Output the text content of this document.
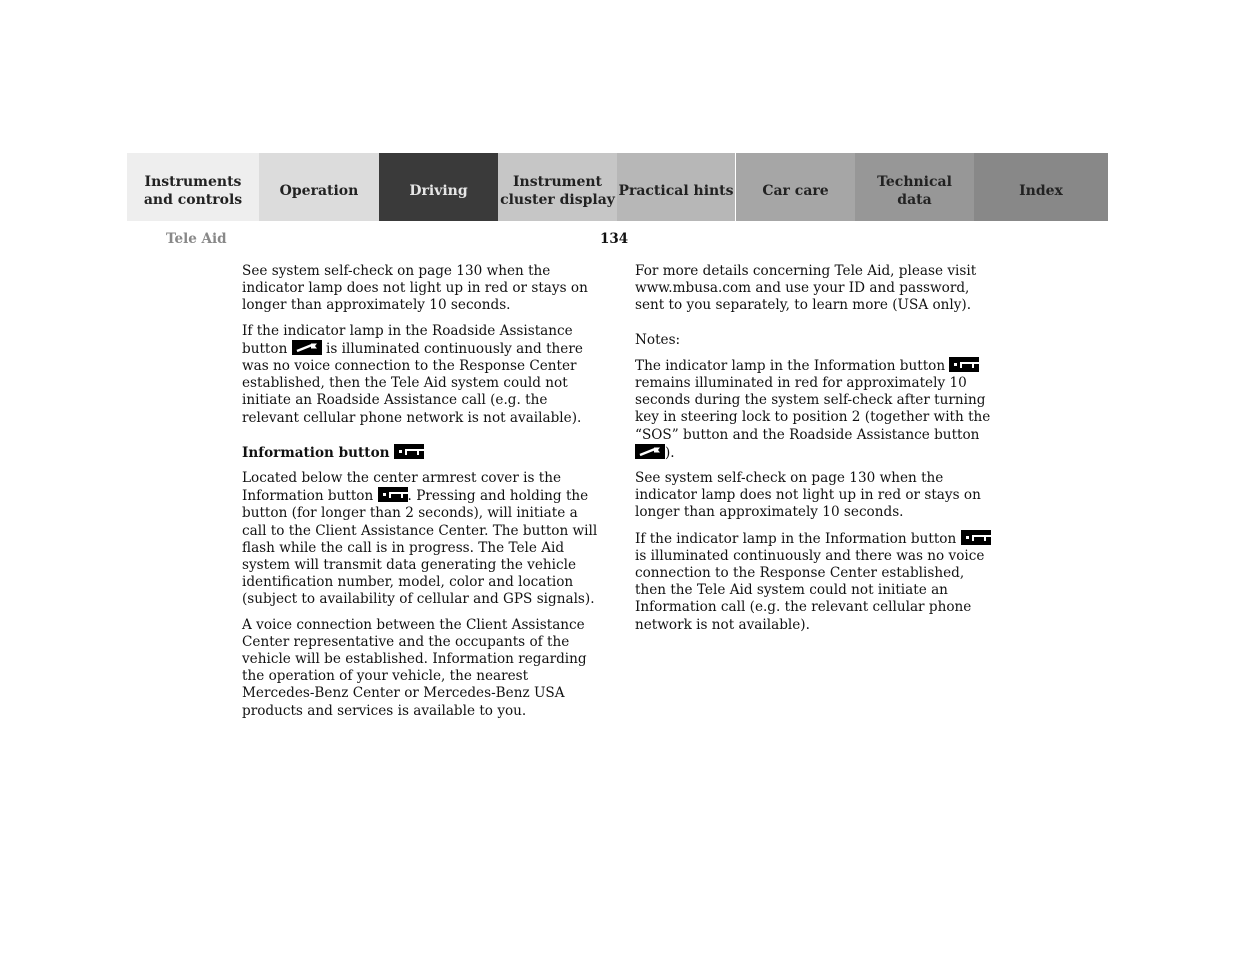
Instruments
and controls
Operation	Driving
Instrument
cluster display
Practical hints	Car care
Technical
data
Index
Tele Aid	134

See system self-check on page 130 when the indicator lamp does not light up in red or stays on longer than approximately 10 seconds.

If the indicator lamp in the Roadside Assistance button
is illuminated continuously and there was no voice connection to the Response Center established, then the Tele Aid system could not initiate an Roadside Assistance call (e.g. the relevant cellular phone network is not available).

Information button

Located below the center armrest cover is the Information button
. Pressing and holding the button (for longer than 2 seconds), will initiate a call to the Client Assistance Center. The button will flash while the call is in progress. The Tele Aid system will transmit data generating the vehicle identification number, model, color and location (subject to availability of cellular and GPS signals).

A voice connection between the Client Assistance Center representative and the occupants of the vehicle will be established. Information regarding the operation of your vehicle, the nearest Mercedes-Benz Center or Mercedes-Benz USA products and services is available to you.

For more details concerning Tele Aid, please visit www.mbusa.com and use your ID and password, sent to you separately, to learn more (USA only).

Notes:

The indicator lamp in the Information button
remains illuminated in red for approximately 10 seconds during the system self-check after turning key in steering lock to position 2 (together with the “SOS” button and the Roadside Assistance button
).

See system self-check on page 130 when the indicator lamp does not light up in red or stays on longer than approximately 10 seconds.

If the indicator lamp in the Information button
is illuminated continuously and there was no voice connection to the Response Center established, then the Tele Aid system could not initiate an Information call (e.g. the relevant cellular phone network is not available).
